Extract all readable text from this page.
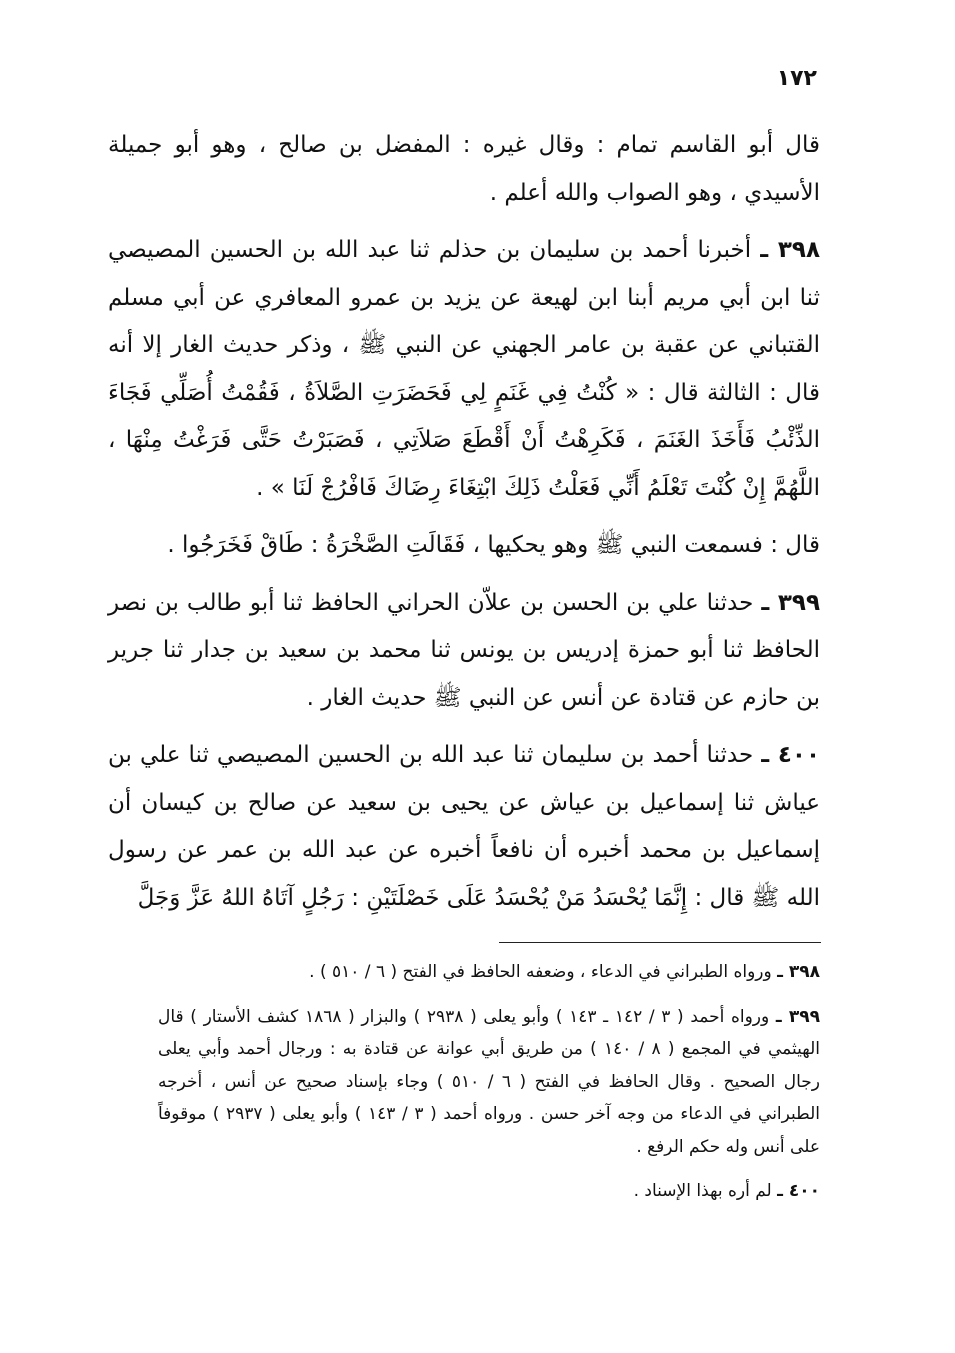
١٧٢

قال أبو القاسم تمام : وقال غيره : المفضل بن صالح ، وهو أبو جميلة الأسيدي ، وهو الصواب والله أعلم .

٣٩٨ ـ أخبرنا أحمد بن سليمان بن حذلم ثنا عبد الله بن الحسين المصيصي ثنا ابن أبي مريم أبنا ابن لهيعة عن يزيد بن عمرو المعافري عن أبي مسلم القتباني عن عقبة بن عامر الجهني عن النبي ﷺ ، وذكر حديث الغار إلا أنه قال : الثالثة قال : « كُنْتُ فِي غَنَمٍ لِي فَحَضَرَتِ الصَّلاَةُ ، فَقُمْتُ أُصَلِّي فَجَاءَ الذِّئْبُ فَأَخَذَ الغَنَمَ ، فَكَرِهْتُ أَنْ أَقْطَعَ صَلاَتِي ، فَصَبَرْتُ حَتَّى فَرَغْتُ مِنْهَا ، اللَّهُمَّ إِنْ كُنْتَ تَعْلَمُ أَنِّي فَعَلْتُ ذَلِكَ ابْتِغَاءَ رِضَاكَ فَافْرُجْ لَنَا » .

قال : فسمعت النبي ﷺ وهو يحكيها ، فَقَالَتِ الصَّخْرَةُ : طَاقْ فَخَرَجُوا .

٣٩٩ ـ حدثنا علي بن الحسن بن علاّن الحراني الحافظ ثنا أبو طالب بن نصر الحافظ ثنا أبو حمزة إدريس بن يونس ثنا محمد بن سعيد بن جدار ثنا جرير بن حازم عن قتادة عن أنس عن النبي ﷺ حديث الغار .

٤٠٠ ـ حدثنا أحمد بن سليمان ثنا عبد الله بن الحسين المصيصي ثنا علي بن عياش ثنا إسماعيل بن عياش عن يحيى بن سعيد عن صالح بن كيسان أن إسماعيل بن محمد أخبره أن نافعاً أخبره عن عبد الله بن عمر عن رسول الله ﷺ قال : إِنَّمَا يُحْسَدُ مَنْ يُحْسَدُ عَلَى خَصْلَتَيْنِ : رَجُلٍ آتَاهُ اللهُ عَزَّ وَجَلَّ

٣٩٨ ـ ورواه الطبراني في الدعاء ، وضعفه الحافظ في الفتح ( ٦ / ٥١٠ ) .

٣٩٩ ـ ورواه أحمد ( ٣ / ١٤٢ ـ ١٤٣ ) وأبو يعلى ( ٢٩٣٨ ) والبزار ( ١٨٦٨ كشف الأستار ) قال الهيثمي في المجمع ( ٨ / ١٤٠ ) من طريق أبي عوانة عن قتادة به : ورجال أحمد وأبي يعلى رجال الصحيح . وقال الحافظ في الفتح ( ٦ / ٥١٠ ) وجاء بإسناد صحيح عن أنس ، أخرجه الطبراني في الدعاء من وجه آخر حسن . ورواه أحمد ( ٣ / ١٤٣ ) وأبو يعلى ( ٢٩٣٧ ) موقوفاً على أنس وله حكم الرفع .

٤٠٠ ـ لم أره بهذا الإسناد .
